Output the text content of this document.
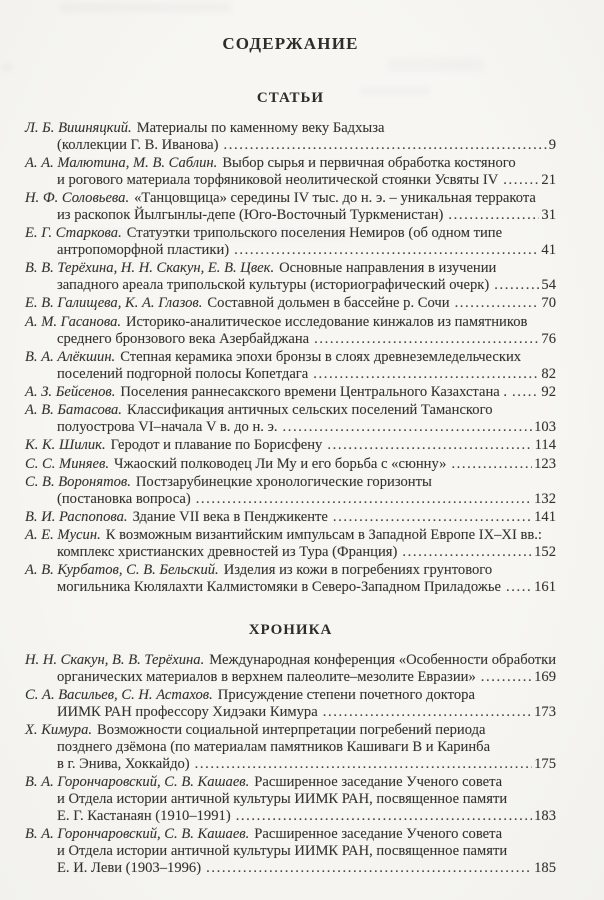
СОДЕРЖАНИЕ
СТАТЬИ
Л. Б. Вишняцкий. Материалы по каменному веку Бадхыза
(коллекции Г. В. Иванова) .....	9
А. А. Малютина, М. В. Саблин. Выбор сырья и первичная обработка костяного
и рогового материала торфяниковой неолитической стоянки Усвяты IV .....	21
Н. Ф. Соловьева. «Танцовщица» середины IV тыс. до н. э. – уникальная терракота
из раскопок Йылгынлы-депе (Юго-Восточный Туркменистан) .....	31
Е. Г. Старкова. Статуэтки трипольского поселения Немиров (об одном типе
антропоморфной пластики) .....	41
В. В. Терёхина, Н. Н. Скакун, Е. В. Цвек. Основные направления в изучении
западного ареала трипольской культуры (историографический очерк) .....	54
Е. В. Галищева, К. А. Глазов. Составной дольмен в бассейне р. Сочи .....	70
А. М. Гасанова. Историко-аналитическое исследование кинжалов из памятников
среднего бронзового века Азербайджана .....	76
В. А. Алёкшин. Степная керамика эпохи бронзы в слоях древнеземледельческих
поселений подгорной полосы Копетдага .....	82
А. З. Бейсенов. Поселения раннесакского времени Центрального Казахстана . ..... 92
А. В. Батасова. Классификация античных сельских поселений Таманского
полуострова VI–начала V в. до н. э. .....	103
К. К. Шилик. Геродот и плавание по Борисфену .....	114
С. С. Миняев. Чжаоский полководец Ли Му и его борьба с «сюнну» .....	123
С. В. Воронятов. Постзарубинецкие хронологические горизонты
(постановка вопроса) .....	132
В. И. Распопова. Здание VII века в Пенджикенте .....	141
А. Е. Мусин. К возможным византийским импульсам в Западной Европе IX–XI вв.:
комплекс христианских древностей из Тура (Франция) .....	152
А. В. Курбатов, С. В. Бельский. Изделия из кожи в погребениях грунтового
могильника Кюлялахти Калмистомяки в Северо-Западном Приладожье ..... 161
ХРОНИКА
Н. Н. Скакун, В. В. Терёхина. Международная конференция «Особенности обработки
органических материалов в верхнем палеолите–мезолите Евразии» .....	169
С. А. Васильев, С. Н. Астахов. Присуждение степени почетного доктора
ИИМК РАН профессору Хидэаки Кимура .....	173
Х. Кимура. Возможности социальной интерпретации погребений периода
позднего дзёмона (по материалам памятников Кашиваги В и Каринба
в г. Энива, Хоккайдо) .....	175
В. А. Горончаровский, С. В. Кашаев. Расширенное заседание Ученого совета
и Отдела истории античной культуры ИИМК РАН, посвященное памяти
Е. Г. Кастанаян (1910–1991) .....	183
В. А. Горончаровский, С. В. Кашаев. Расширенное заседание Ученого совета
и Отдела истории античной культуры ИИМК РАН, посвященное памяти
Е. И. Леви (1903–1996) .....	185
